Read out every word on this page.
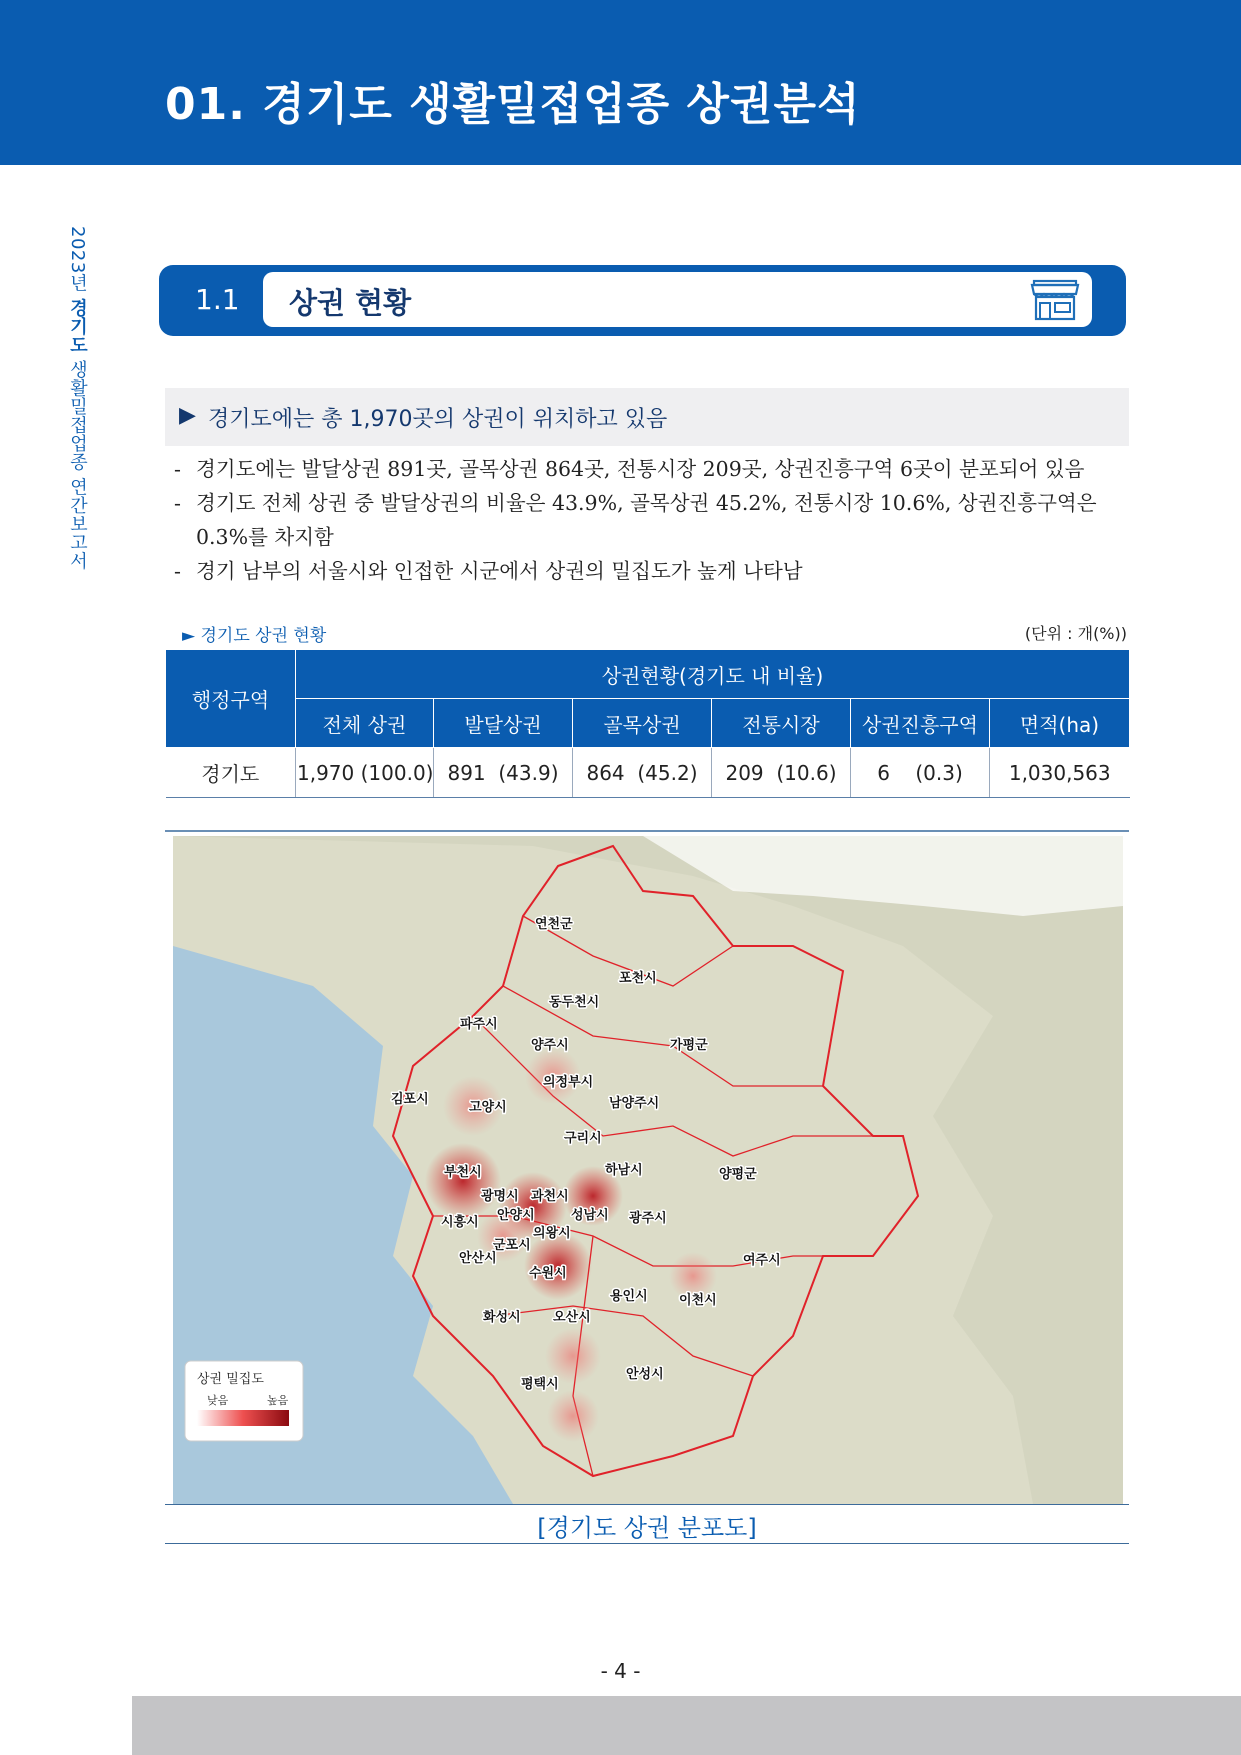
01. 경기도 생활밀접업종 상권분석
2023년 경기도 생활밀접업종 연간보고서
1.1 상권 현황
▶ 경기도에는 총 1,970곳의 상권이 위치하고 있음
- 경기도에는 발달상권 891곳, 골목상권 864곳, 전통시장 209곳, 상권진흥구역 6곳이 분포되어 있음
- 경기도 전체 상권 중 발달상권의 비율은 43.9%, 골목상권 45.2%, 전통시장 10.6%, 상권진흥구역은 0.3%를 차지함
- 경기 남부의 서울시와 인접한 시군에서 상권의 밀집도가 높게 나타남
► 경기도 상권 현황	(단위 : 개(%))
행정구역	상권현황(경기도 내 비율)					
	전체 상권	발달상권	골목상권	전통시장	상권진흥구역	면적(ha)
경기도	1,970 (100.0)	891  (43.9)	864  (45.2)	209  (10.6)	6    (0.3)	1,030,563
연천군
포천시
동두천시
파주시
양주시	가평군
의정부시
김포시
고양시	남양주시
구리시
하남시	양평군
부천시
광명시 과천시
시흥시 안양시	성남시 광주시
의왕시
군포시
안산시
수원시
여주시
용인시 이천시
화성시 오산시
평택시
안성시
상권 밀집도
낮음	높음
[경기도 상권 분포도]
- 4 -
